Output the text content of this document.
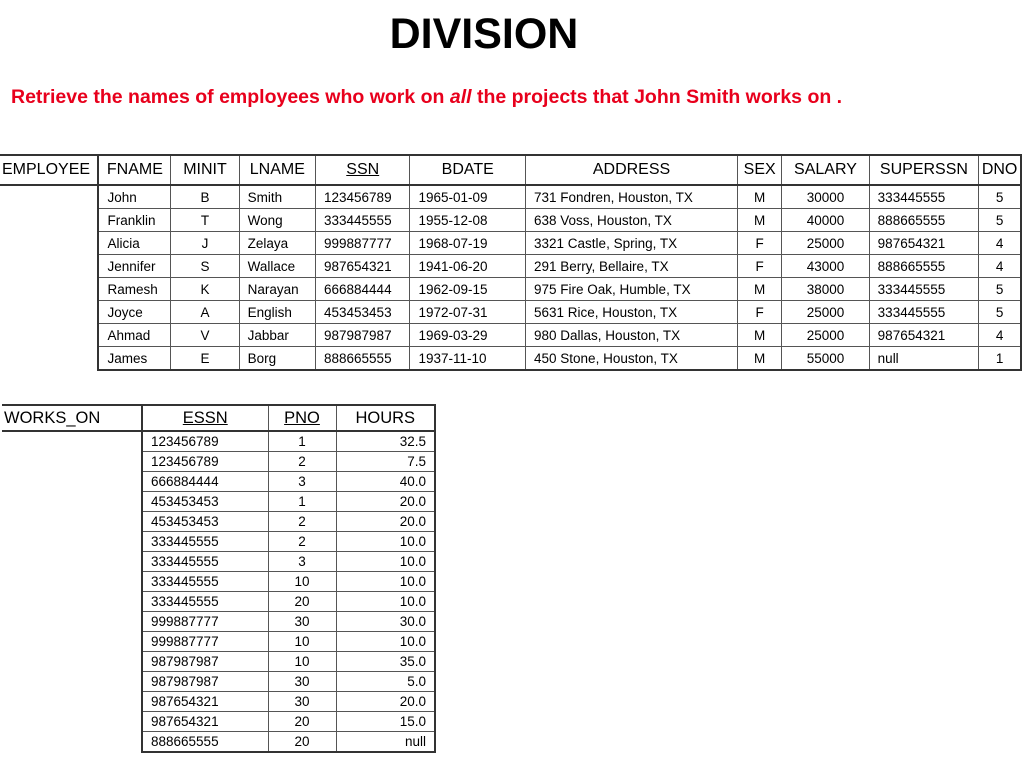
DIVISION
Retrieve the names of employees who work on all the projects that John Smith works on .
EMPLOYEE	FNAME	MINIT	LNAME	SSN	BDATE	ADDRESS	SEX	SALARY	SUPERSSN	DNO
	John	B	Smith	123456789	1965-01-09	731 Fondren, Houston, TX	M	30000	333445555	5
	Franklin	T	Wong	333445555	1955-12-08	638 Voss, Houston, TX	M	40000	888665555	5
	Alicia	J	Zelaya	999887777	1968-07-19	3321 Castle, Spring, TX	F	25000	987654321	4
	Jennifer	S	Wallace	987654321	1941-06-20	291 Berry, Bellaire, TX	F	43000	888665555	4
	Ramesh	K	Narayan	666884444	1962-09-15	975 Fire Oak, Humble, TX	M	38000	333445555	5
	Joyce	A	English	453453453	1972-07-31	5631 Rice, Houston, TX	F	25000	333445555	5
	Ahmad	V	Jabbar	987987987	1969-03-29	980 Dallas, Houston, TX	M	25000	987654321	4
	James	E	Borg	888665555	1937-11-10	450 Stone, Houston, TX	M	55000	null	1
WORKS_ON	ESSN	PNO	HOURS
	123456789	1	32.5
	123456789	2	7.5
	666884444	3	40.0
	453453453	1	20.0
	453453453	2	20.0
	333445555	2	10.0
	333445555	3	10.0
	333445555	10	10.0
	333445555	20	10.0
	999887777	30	30.0
	999887777	10	10.0
	987987987	10	35.0
	987987987	30	5.0
	987654321	30	20.0
	987654321	20	15.0
	888665555	20	null
